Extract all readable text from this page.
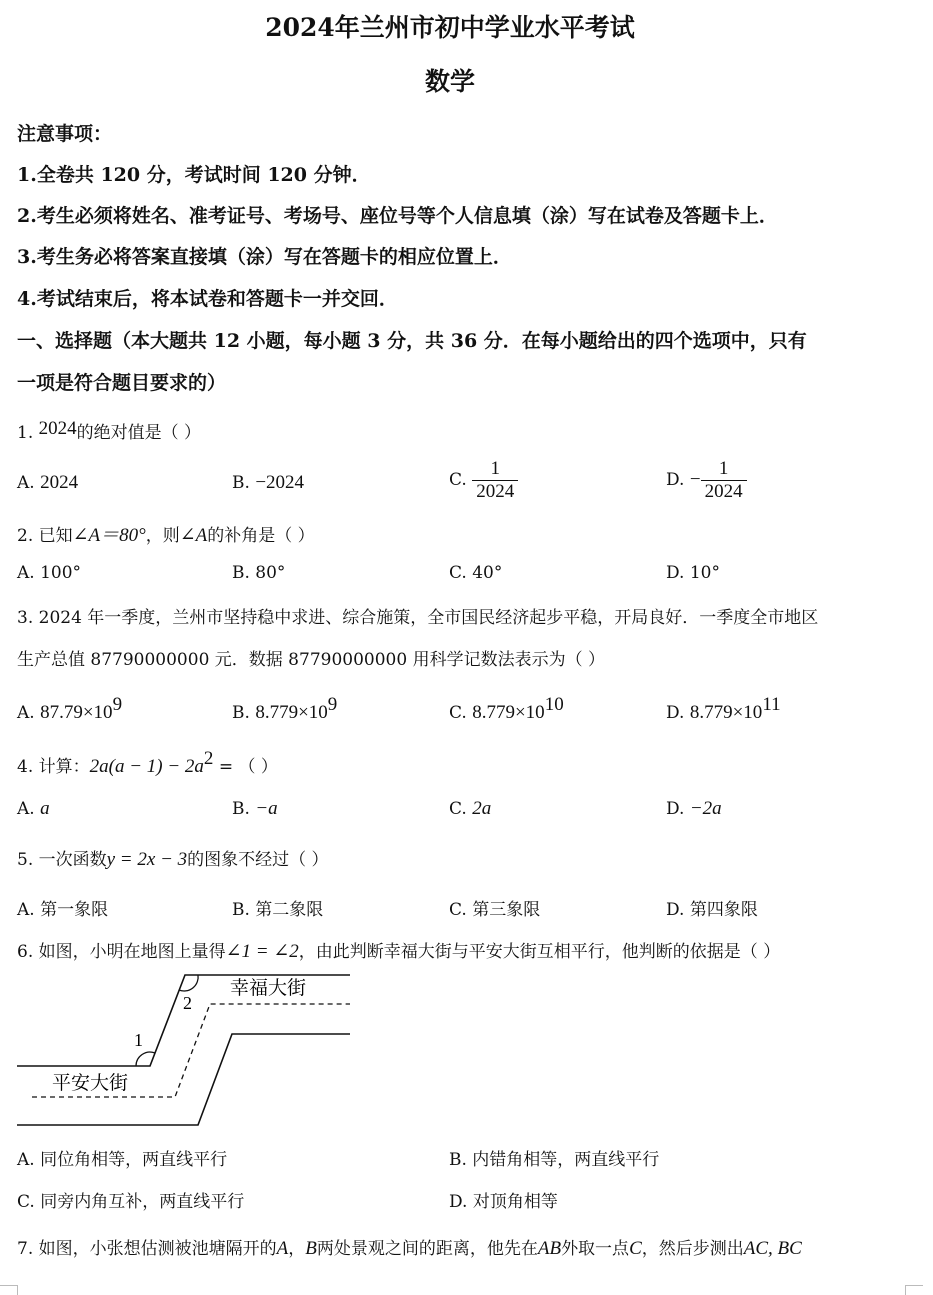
2024年兰州市初中学业水平考试
数学
注意事项：
1.全卷共 120 分，考试时间 120 分钟．
2.考生必须将姓名、准考证号、考场号、座位号等个人信息填（涂）写在试卷及答题卡上．
3.考生务必将答案直接填（涂）写在答题卡的相应位置上．
4.考试结束后，将本试卷和答题卡一并交回．
一、选择题（本大题共 12 小题，每小题 3 分，共 36 分．在每小题给出的四个选项中，只有
一项是符合题目要求的）
1. 2024的绝对值是（ ）
A. 2024	B. −2024	C. $\frac{1}{2024}$	D. − $\frac{1}{2024}$
2. 已知∠A＝80°，则∠A的补角是（ ）
A. 100°	B. 80°	C. 40°	D. 10°
3. 2024 年一季度，兰州市坚持稳中求进、综合施策，全市国民经济起步平稳，开局良好．一季度全市地区
生产总值 87790000000 元．数据 87790000000 用科学记数法表示为（ ）
A. $87.79\times 10^9$	B. $8.779\times 10^9$	C. $8.779\times 10^{10}$	D. $8.779\times 10^{11}$
4. 计算：$2a(a - 1) - 2a^2$ = （ ）
A. a	B. −a	C. 2a	D. −2a
5. 一次函数y = 2x − 3的图象不经过（ ）
A. 第一象限	B. 第二象限	C. 第三象限	D. 第四象限
6. 如图，小明在地图上量得∠1 = ∠2，由此判断幸福大街与平安大街互相平行，他判断的依据是（ ）
幸福大街
平安大街
1
2
A. 同位角相等，两直线平行	B. 内错角相等，两直线平行
C. 同旁内角互补，两直线平行	D. 对顶角相等
7. 如图，小张想估测被池塘隔开的A，B两处景观之间的距离，他先在AB外取一点C，然后步测出AC, BC
